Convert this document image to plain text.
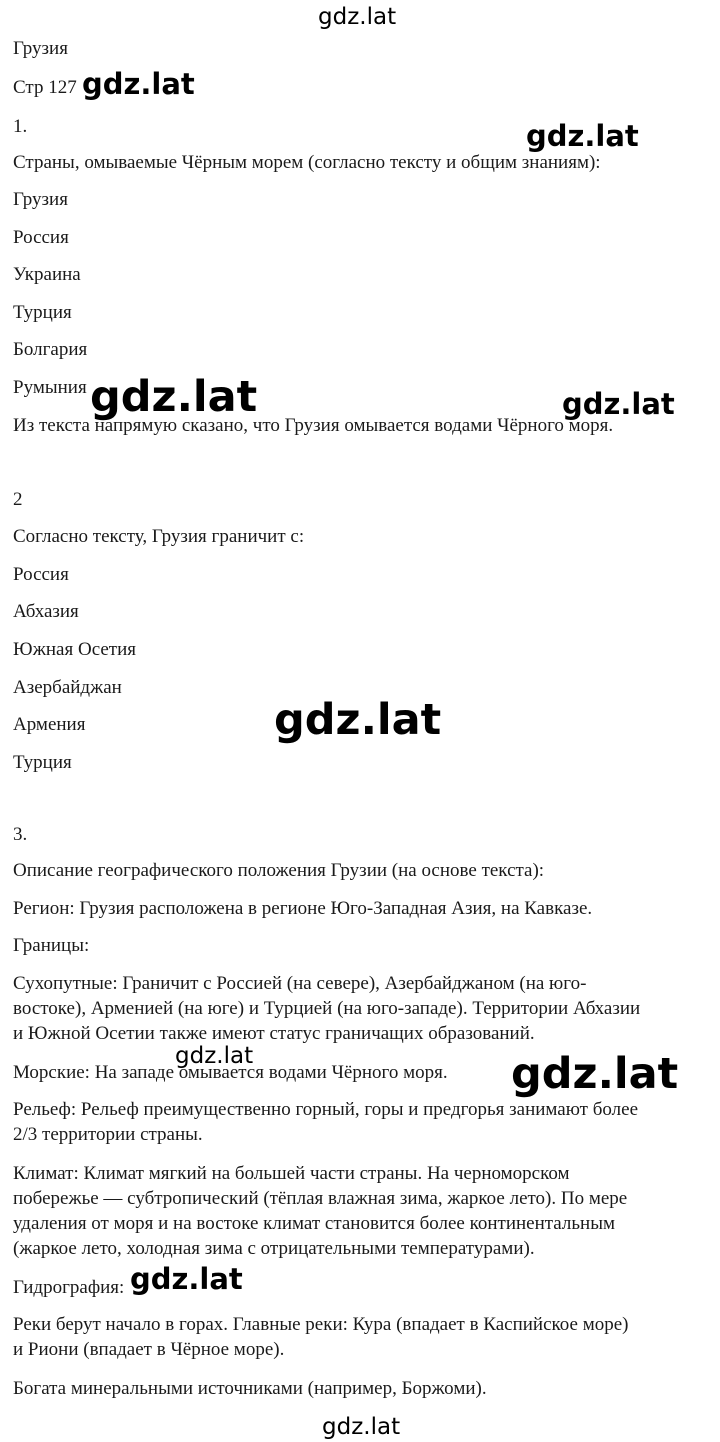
Грузия

Стр 127

1.

Страны, омываемые Чёрным морем (согласно тексту и общим знаниям):

Грузия

Россия

Украина

Турция

Болгария

Румыния

Из текста напрямую сказано, что Грузия омывается водами Чёрного моря.

2

Согласно тексту, Грузия граничит с:

Россия

Абхазия

Южная Осетия

Азербайджан

Армения

Турция

3.

Описание географического положения Грузии (на основе текста):

Регион: Грузия расположена в регионе Юго-Западная Азия, на Кавказе.

Границы:

Сухопутные: Граничит с Россией (на севере), Азербайджаном (на юго-
востоке), Арменией (на юге) и Турцией (на юго-западе). Территории Абхазии
и Южной Осетии также имеют статус граничащих образований.

Морские: На западе омывается водами Чёрного моря.

Рельеф: Рельеф преимущественно горный, горы и предгорья занимают более
2/3 территории страны.

Климат: Климат мягкий на большей части страны. На черноморском
побережье — субтропический (тёплая влажная зима, жаркое лето). По мере
удаления от моря и на востоке климат становится более континентальным
(жаркое лето, холодная зима с отрицательными температурами).

Гидрография:

Реки берут начало в горах. Главные реки: Кура (впадает в Каспийское море)
и Риони (впадает в Чёрное море).

Богата минеральными источниками (например, Боржоми).

gdz.lat
gdz.lat
gdz.lat
gdz.lat	gdz.lat
gdz.lat
gdz.lat	gdz.lat
gdz.lat
gdz.lat
